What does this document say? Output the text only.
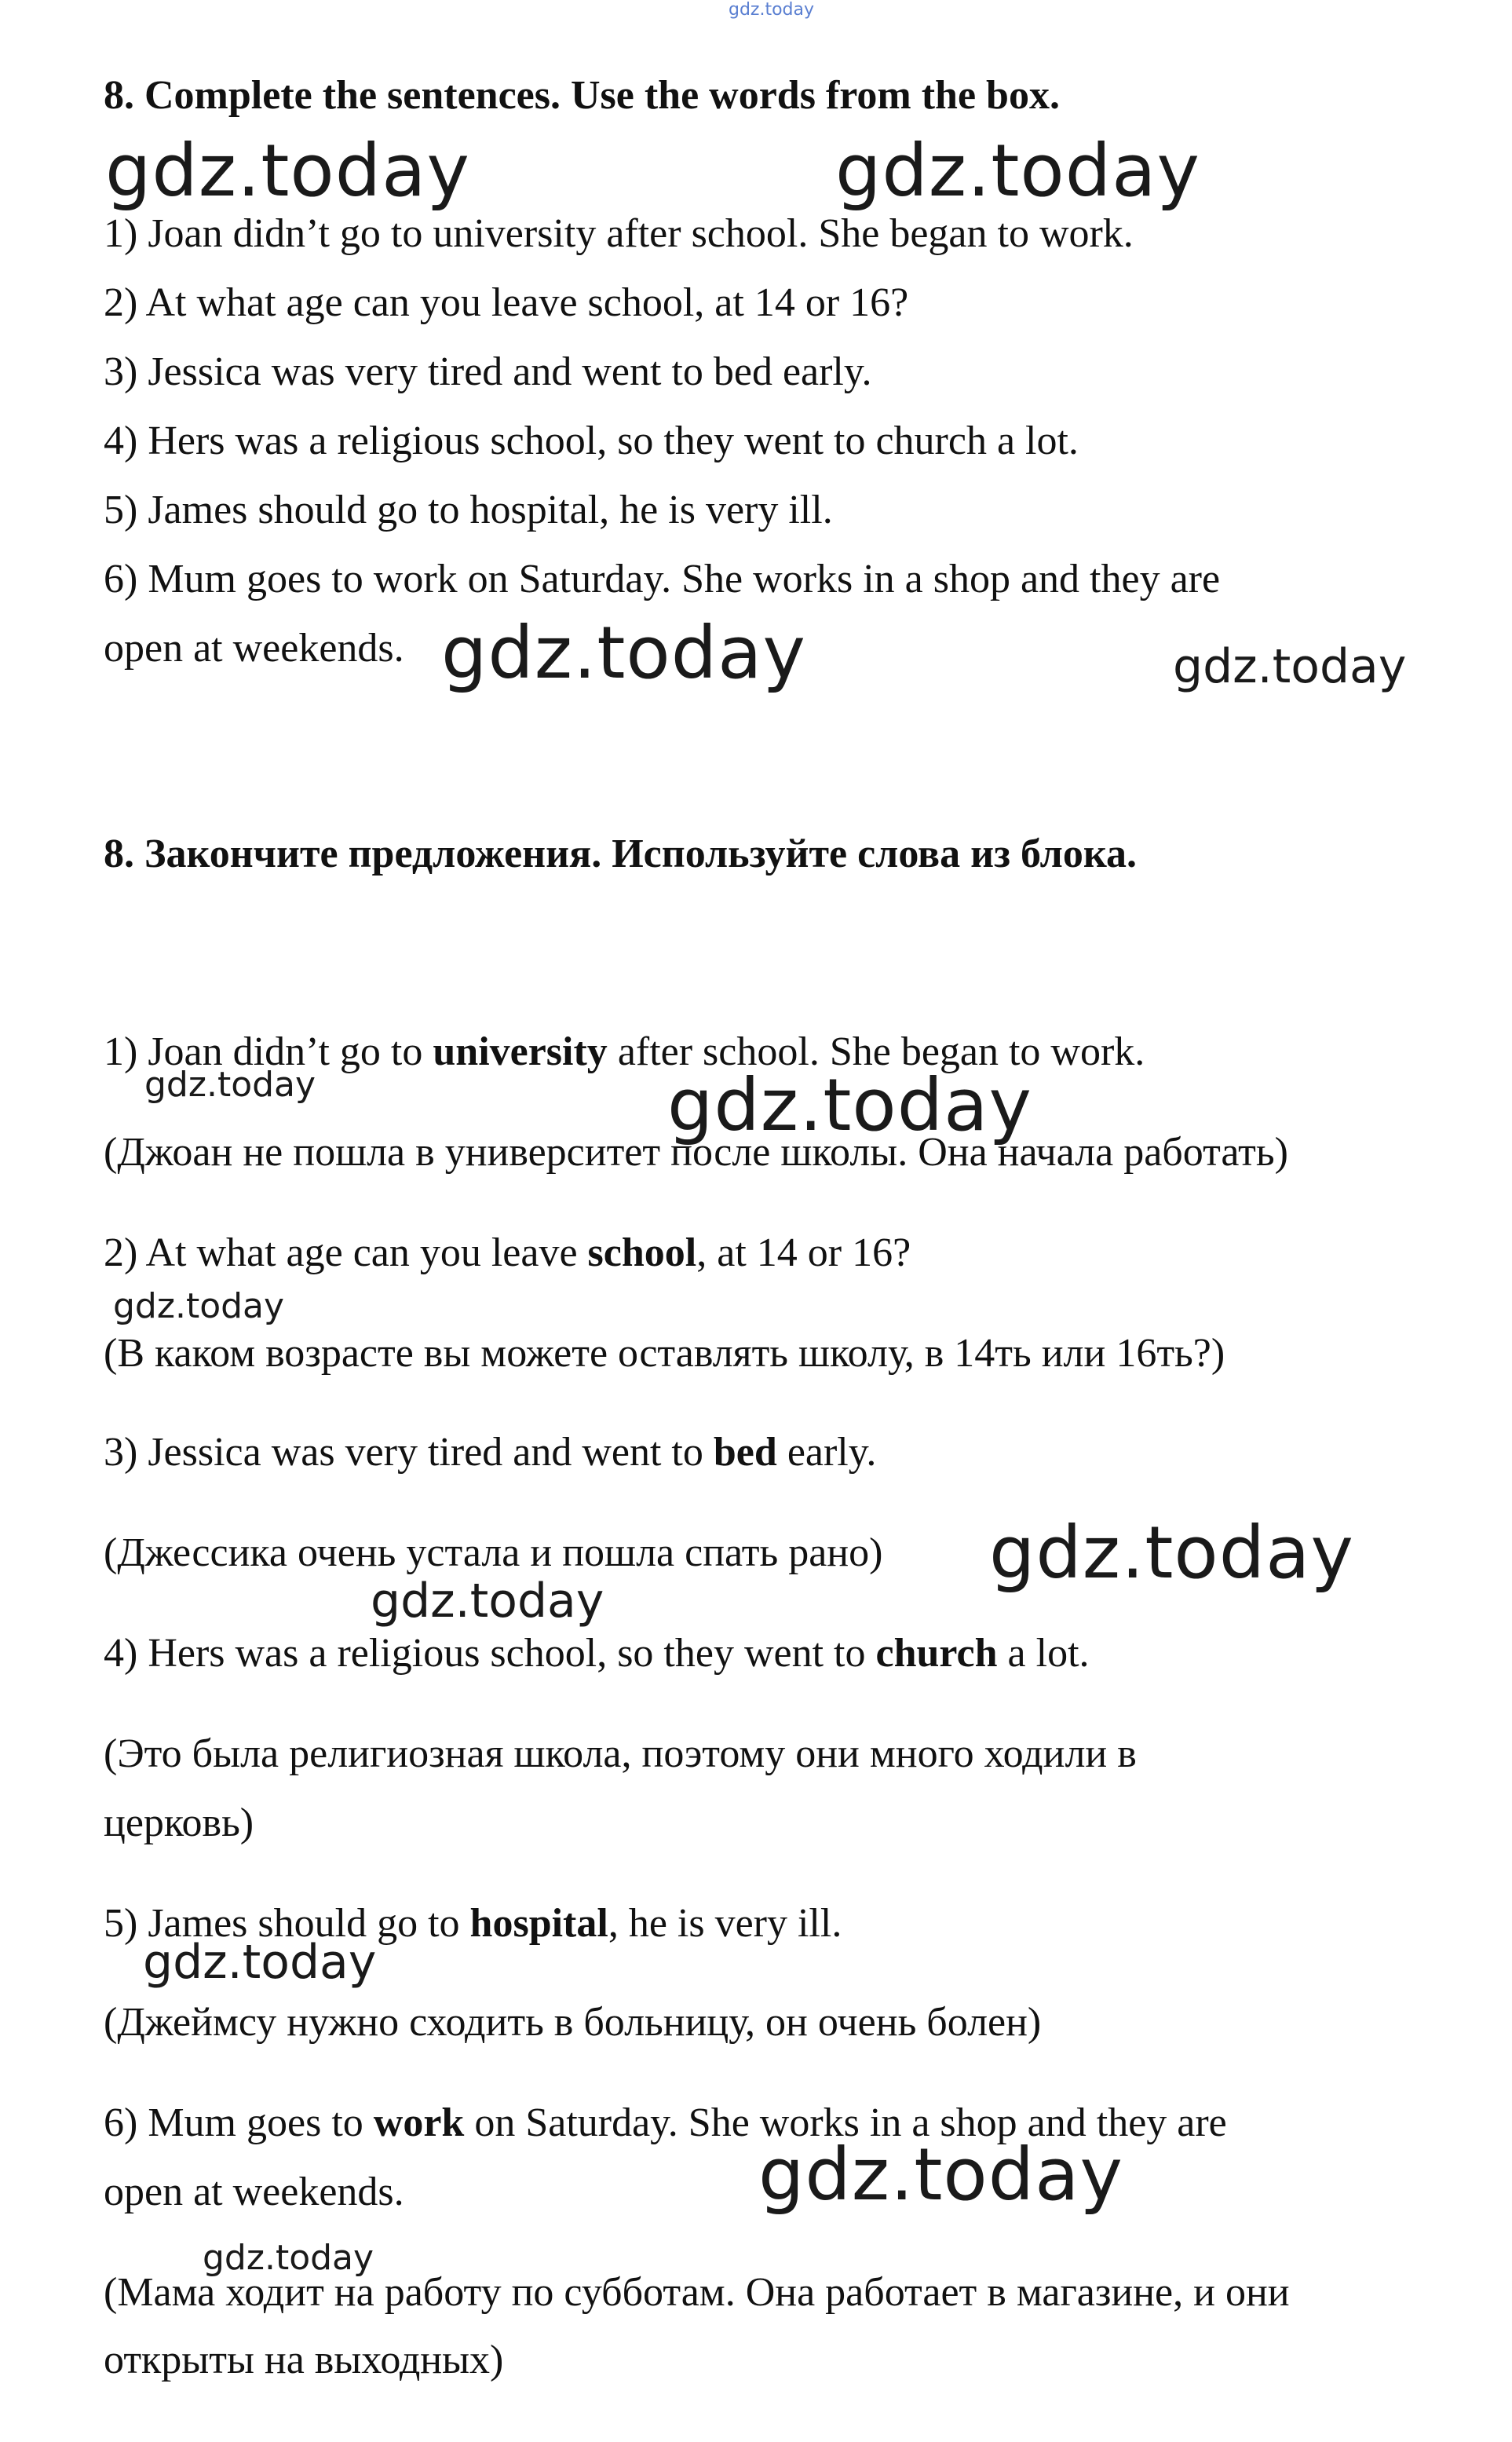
gdz.today
8. Complete the sentences. Use the words from the box.
1) Joan didn’t go to university after school. She began to work.
2) At what age can you leave school, at 14 or 16?
3) Jessica was very tired and went to bed early.
4) Hers was a religious school, so they went to church a lot.
5) James should go to hospital, he is very ill.
6) Mum goes to work on Saturday. She works in a shop and they are
open at weekends.
8. Закончите предложения. Используйте слова из блока.
1) Joan didn’t go to university after school. She began to work.
(Джоан не пошла в университет после школы. Она начала работать)
2) At what age can you leave school, at 14 or 16?
(В каком возрасте вы можете оставлять школу, в 14ть или 16ть?)
3) Jessica was very tired and went to bed early.
(Джессика очень устала и пошла спать рано)
4) Hers was a religious school, so they went to church a lot.
(Это была религиозная школа, поэтому они много ходили в
церковь)
5) James should go to hospital, he is very ill.
(Джеймсу нужно сходить в больницу, он очень болен)
6) Mum goes to work on Saturday. She works in a shop and they are
open at weekends.
(Мама ходит на работу по субботам. Она работает в магазине, и они
открыты на выходных)
gdz.today	gdz.today
gdz.today	gdz.today
gdz.today	gdz.today
gdz.today
gdz.today
gdz.today
gdz.today
gdz.today
gdz.today
